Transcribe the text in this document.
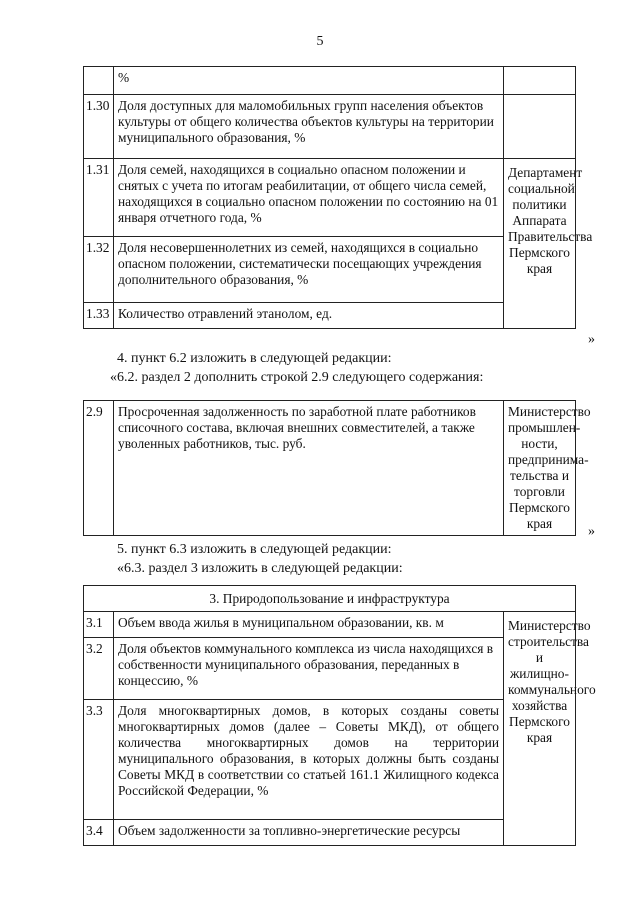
5
	%	
1.30	Доля доступных для маломобильных групп населения объектов культуры от общего количества объектов культуры на территории муниципального образования, %	
1.31	Доля семей, находящихся в социально опасном положении и снятых с учета по итогам реабилитации, от общего числа семей, находящихся в социально опасном положении по состоянию на 01 января отчетного года, %	Департамент социальной политики Аппарата Правительства Пермского края
1.32	Доля несовершеннолетних из семей, находящихся в социально опасном положении, систематически посещающих учреждения дополнительного образования, %	
1.33	Количество отравлений этанолом, ед.	
»
4. пункт 6.2 изложить в следующей редакции:
«6.2. раздел 2 дополнить строкой 2.9 следующего содержания:
2.9	Просроченная задолженность по заработной плате работников списочного состава, включая внешних совместителей, а также уволенных работников, тыс. руб.	Министерство промышлен-ности, предпринима-тельства и торговли Пермского края
»
5. пункт 6.3 изложить в следующей редакции:
«6.3. раздел 3 изложить в следующей редакции:
3. Природопользование и инфраструктура		
3.1	Объем ввода жилья в муниципальном образовании, кв. м	Министерство строительства и жилищно-коммунального хозяйства Пермского края
3.2	Доля объектов коммунального комплекса из числа находящихся в собственности муниципального образования, переданных в концессию, %	
3.3	Доля многоквартирных домов, в которых созданы советы многоквартирных домов (далее – Советы МКД), от общего количества многоквартирных домов на территории муниципального образования, в которых должны быть созданы Советы МКД в соответствии со статьей 161.1 Жилищного кодекса Российской Федерации, %	
3.4	Объем задолженности за топливно-энергетические ресурсы	
